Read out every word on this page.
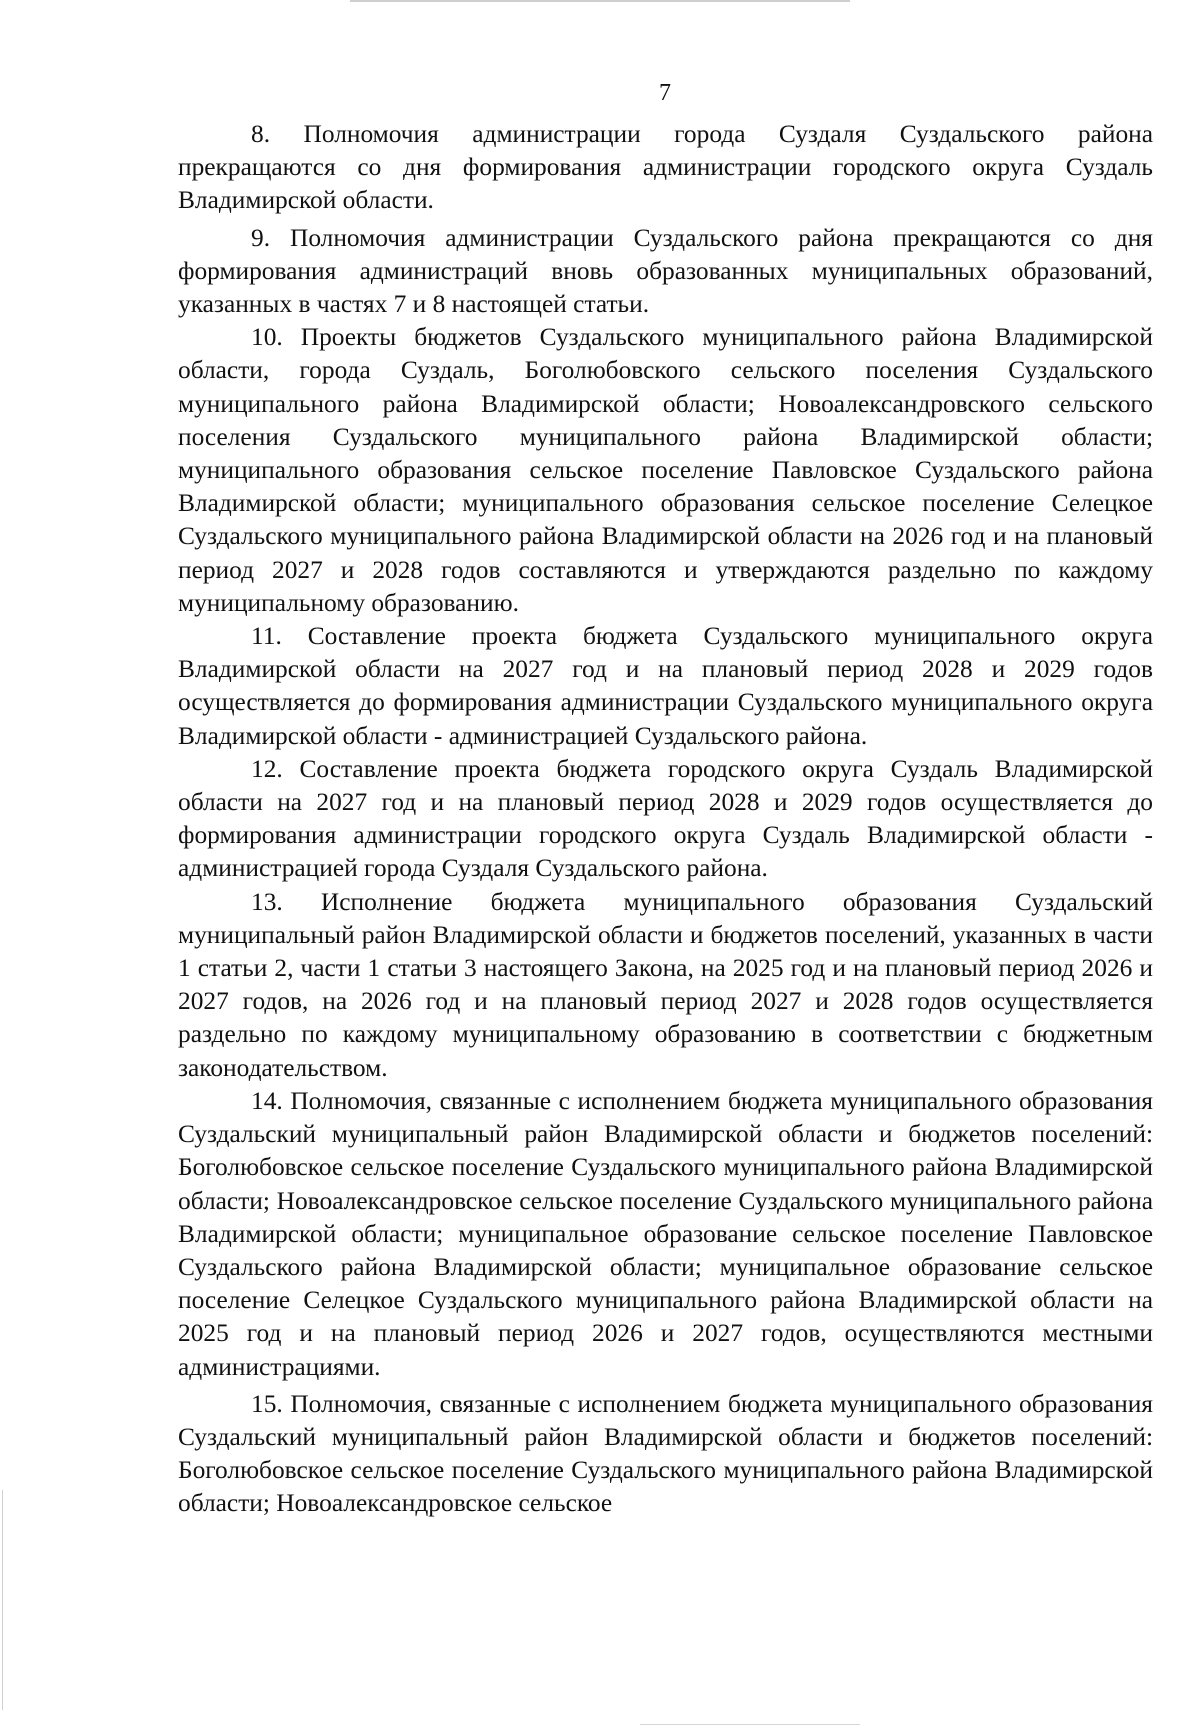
7

8. Полномочия администрации города Суздаля Суздальского района прекращаются со дня формирования администрации городского округа Суздаль Владимирской области.

9. Полномочия администрации Суздальского района прекращаются со дня формирования администраций вновь образованных муниципальных образований, указанных в частях 7 и 8 настоящей статьи.

10. Проекты бюджетов Суздальского муниципального района Владимирской области, города Суздаль, Боголюбовского сельского поселения Суздальского муниципального района Владимирской области; Новоалександровского сельского поселения Суздальского муниципального района Владимирской области; муниципального образования сельское поселение Павловское Суздальского района Владимирской области; муниципального образования сельское поселение Селецкое Суздальского муниципального района Владимирской области на 2026 год и на плановый период 2027 и 2028 годов составляются и утверждаются раздельно по каждому муниципальному образованию.

11. Составление проекта бюджета Суздальского муниципального округа Владимирской области на 2027 год и на плановый период 2028 и 2029 годов осуществляется до формирования администрации Суздальского муниципального округа Владимирской области - администрацией Суздальского района.

12. Составление проекта бюджета городского округа Суздаль Владимирской области на 2027 год и на плановый период 2028 и 2029 годов осуществляется до формирования администрации городского округа Суздаль Владимирской области - администрацией города Суздаля Суздальского района.

13. Исполнение бюджета муниципального образования Суздальский муниципальный район Владимирской области и бюджетов поселений, указанных в части 1 статьи 2, части 1 статьи 3 настоящего Закона, на 2025 год и на плановый период 2026 и 2027 годов, на 2026 год и на плановый период 2027 и 2028 годов осуществляется раздельно по каждому муниципальному образованию в соответствии с бюджетным законодательством.

14. Полномочия, связанные с исполнением бюджета муниципального образования Суздальский муниципальный район Владимирской области и бюджетов поселений: Боголюбовское сельское поселение Суздальского муниципального района Владимирской области; Новоалександровское сельское поселение Суздальского муниципального района Владимирской области; муниципальное образование сельское поселение Павловское Суздальского района Владимирской области; муниципальное образование сельское поселение Селецкое Суздальского муниципального района Владимирской области на 2025 год и на плановый период 2026 и 2027 годов, осуществляются местными администрациями.

15. Полномочия, связанные с исполнением бюджета муниципального образования Суздальский муниципальный район Владимирской области и бюджетов поселений: Боголюбовское сельское поселение Суздальского муниципального района Владимирской области; Новоалександровское сельское
